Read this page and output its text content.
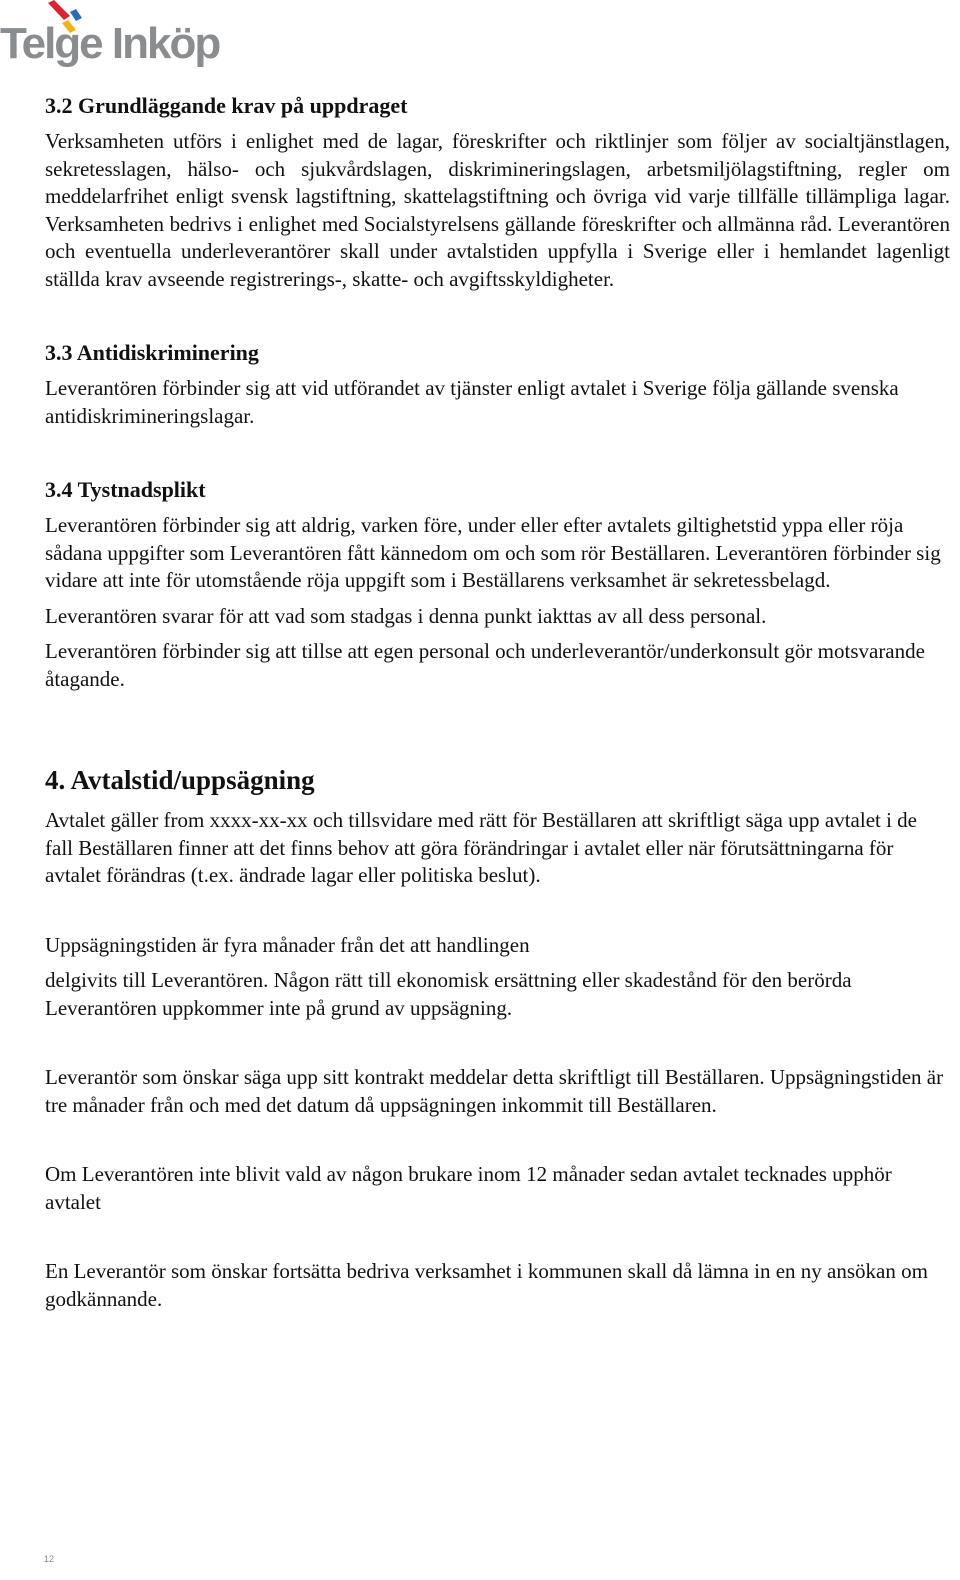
Telge Inköp
3.2 Grundläggande krav på uppdraget

Verksamheten utförs i enlighet med de lagar, föreskrifter och riktlinjer som följer av socialtjänstlagen, sekretesslagen, hälso- och sjukvårdslagen, diskrimineringslagen, arbetsmiljölagstiftning, regler om meddelarfrihet enligt svensk lagstiftning, skattelagstiftning och övriga vid varje tillfälle tillämpliga lagar. Verksamheten bedrivs i enlighet med Socialstyrelsens gällande föreskrifter och allmänna råd. Leverantören och eventuella underleverantörer skall under avtalstiden uppfylla i Sverige eller i hemlandet lagenligt ställda krav avseende registrerings-, skatte- och avgiftsskyldigheter.

3.3 Antidiskriminering

Leverantören förbinder sig att vid utförandet av tjänster enligt avtalet i Sverige följa gällande svenska antidiskrimineringslagar.

3.4 Tystnadsplikt

Leverantören förbinder sig att aldrig, varken före, under eller efter avtalets giltighetstid yppa eller röja sådana uppgifter som Leverantören fått kännedom om och som rör Beställaren. Leverantören förbinder sig vidare att inte för utomstående röja uppgift som i Beställarens verksamhet är sekretessbelagd.

Leverantören svarar för att vad som stadgas i denna punkt iakttas av all dess personal.

Leverantören förbinder sig att tillse att egen personal och underleverantör/underkonsult gör motsvarande åtagande.

4. Avtalstid/uppsägning

Avtalet gäller from xxxx-xx-xx och tillsvidare med rätt för Beställaren att skriftligt säga upp avtalet i de fall Beställaren finner att det finns behov att göra förändringar i avtalet eller när förutsättningarna för avtalet förändras (t.ex. ändrade lagar eller politiska beslut).

Uppsägningstiden är fyra månader från det att handlingen

delgivits till Leverantören. Någon rätt till ekonomisk ersättning eller skadestånd för den berörda Leverantören uppkommer inte på grund av uppsägning.

Leverantör som önskar säga upp sitt kontrakt meddelar detta skriftligt till Beställaren. Uppsägningstiden är tre månader från och med det datum då uppsägningen inkommit till Beställaren.

Om Leverantören inte blivit vald av någon brukare inom 12 månader sedan avtalet tecknades upphör avtalet

En Leverantör som önskar fortsätta bedriva verksamhet i kommunen skall då lämna in en ny ansökan om godkännande.

12
